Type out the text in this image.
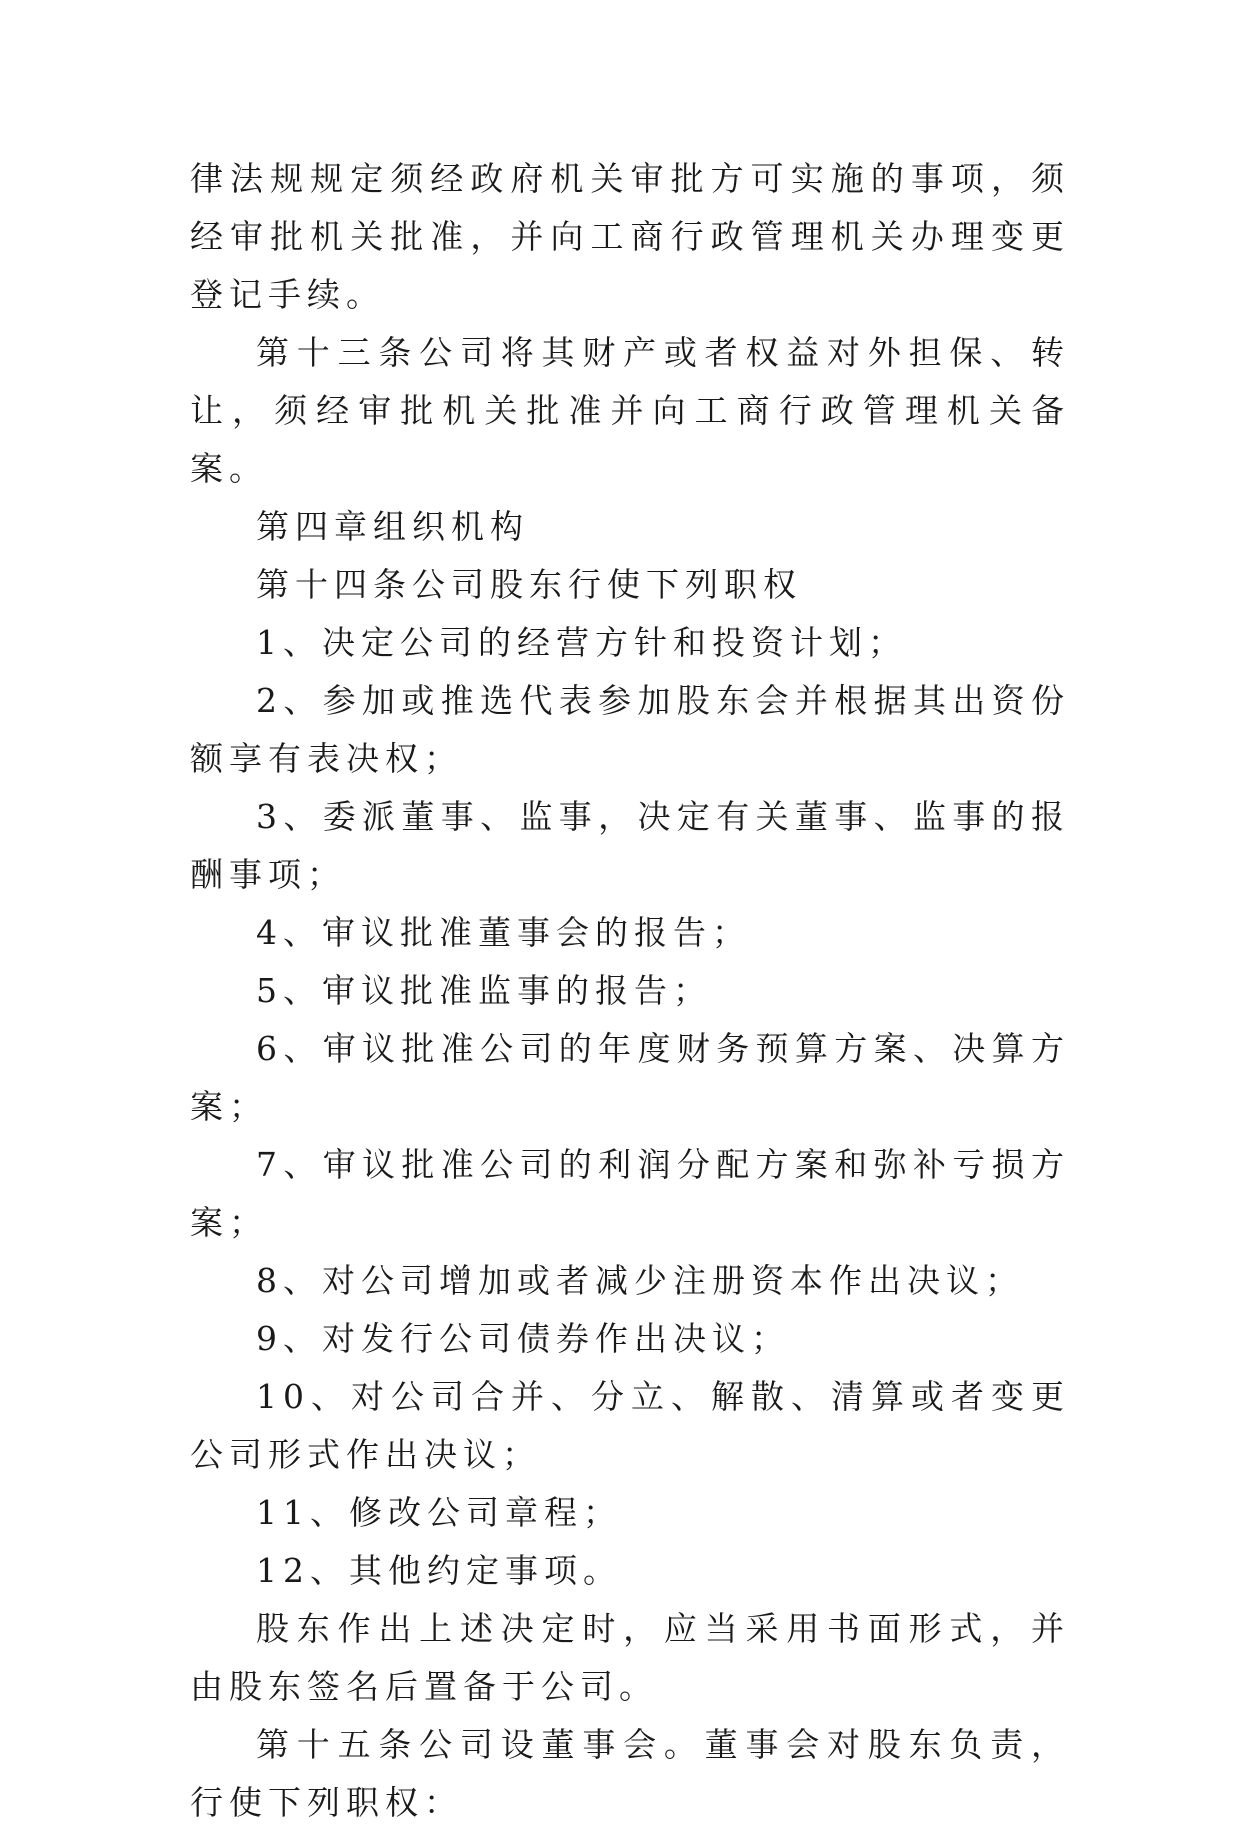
律法规规定须经政府机关审批方可实施的事项，须经审批机关批准，并向工商行政管理机关办理变更登记手续。

第十三条公司将其财产或者权益对外担保、转让，须经审批机关批准并向工商行政管理机关备案。

第四章组织机构

第十四条公司股东行使下列职权

1、决定公司的经营方针和投资计划；

2、参加或推选代表参加股东会并根据其出资份额享有表决权；

3、委派董事、监事，决定有关董事、监事的报酬事项；

4、审议批准董事会的报告；

5、审议批准监事的报告；

6、审议批准公司的年度财务预算方案、决算方案；

7、审议批准公司的利润分配方案和弥补亏损方案；

8、对公司增加或者减少注册资本作出决议；

9、对发行公司债券作出决议；

10、对公司合并、分立、解散、清算或者变更公司形式作出决议；

11、修改公司章程；

12、其他约定事项。

股东作出上述决定时，应当采用书面形式，并由股东签名后置备于公司。

第十五条公司设董事会。董事会对股东负责，行使下列职权：
